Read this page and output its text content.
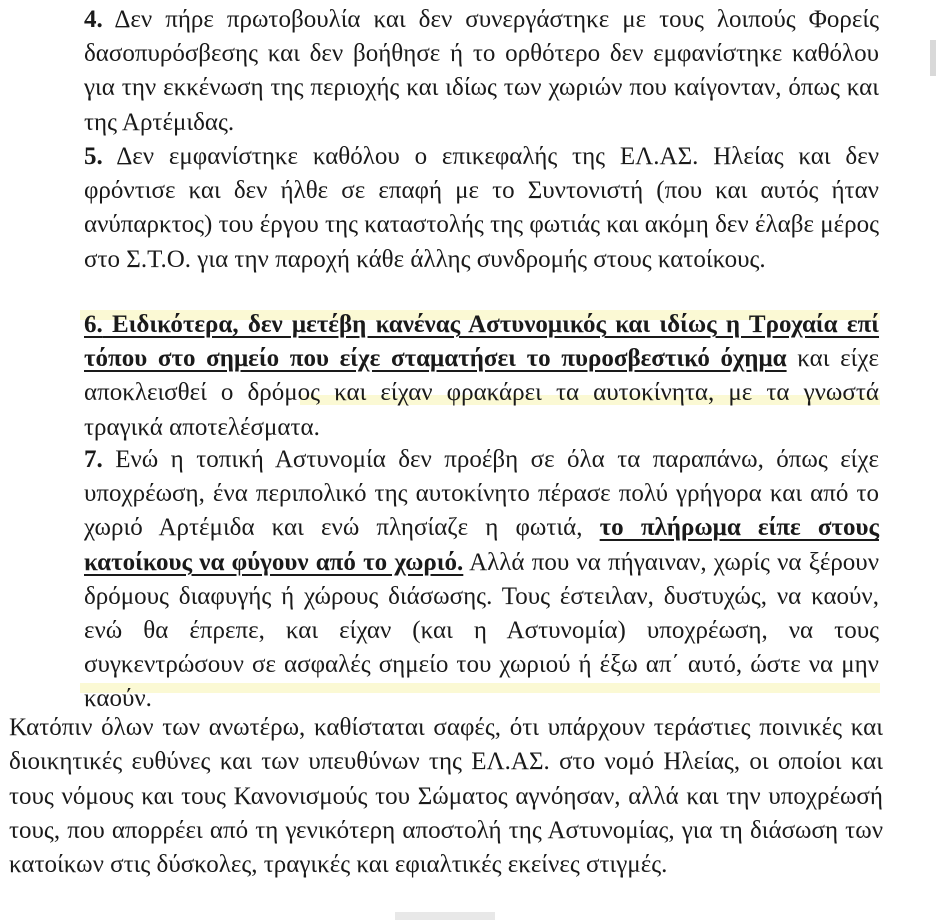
4. Δεν πήρε πρωτοβουλία και δεν συνεργάστηκε με τους λοιπούς Φορείς δασοπυρόσβεσης και δεν βοήθησε ή το ορθότερο δεν εμφανίστηκε καθόλου για την εκκένωση της περιοχής και ιδίως των χωριών που καίγονταν, όπως και της Αρτέμιδας.

5. Δεν εμφανίστηκε καθόλου ο επικεφαλής της ΕΛ.ΑΣ. Ηλείας και δεν φρόντισε και δεν ήλθε σε επαφή με το Συντονιστή (που και αυτός ήταν ανύπαρκτος) του έργου της καταστολής της φωτιάς και ακόμη δεν έλαβε μέρος στο Σ.Τ.Ο. για την παροχή κάθε άλλης συνδρομής στους κατοίκους.

6. Ειδικότερα, δεν μετέβη κανένας Αστυνομικός και ιδίως η Τροχαία επί τόπου στο σημείο που είχε σταματήσει το πυροσβεστικό όχημα και είχε αποκλεισθεί ο δρόμος και είχαν φρακάρει τα αυτοκίνητα, με τα γνωστά τραγικά αποτελέσματα.

7. Ενώ η τοπική Αστυνομία δεν προέβη σε όλα τα παραπάνω, όπως είχε υποχρέωση, ένα περιπολικό της αυτοκίνητο πέρασε πολύ γρήγορα και από το χωριό Αρτέμιδα και ενώ πλησίαζε η φωτιά, το πλήρωμα είπε στους κατοίκους να φύγουν από το χωριό. Αλλά που να πήγαιναν, χωρίς να ξέρουν δρόμους διαφυγής ή χώρους διάσωσης. Τους έστειλαν, δυστυχώς, να καούν, ενώ θα έπρεπε, και είχαν (και η Αστυνομία) υποχρέωση, να τους συγκεντρώσουν σε ασφαλές σημείο του χωριού ή έξω απ΄ αυτό, ώστε να μην καούν.

Κατόπιν όλων των ανωτέρω, καθίσταται σαφές, ότι υπάρχουν τεράστιες ποινικές και διοικητικές ευθύνες και των υπευθύνων της ΕΛ.ΑΣ. στο νομό Ηλείας, οι οποίοι και τους νόμους και τους Κανονισμούς του Σώματος αγνόησαν, αλλά και την υποχρέωσή τους, που απορρέει από τη γενικότερη αποστολή της Αστυνομίας, για τη διάσωση των κατοίκων στις δύσκολες, τραγικές και εφιαλτικές εκείνες στιγμές.
